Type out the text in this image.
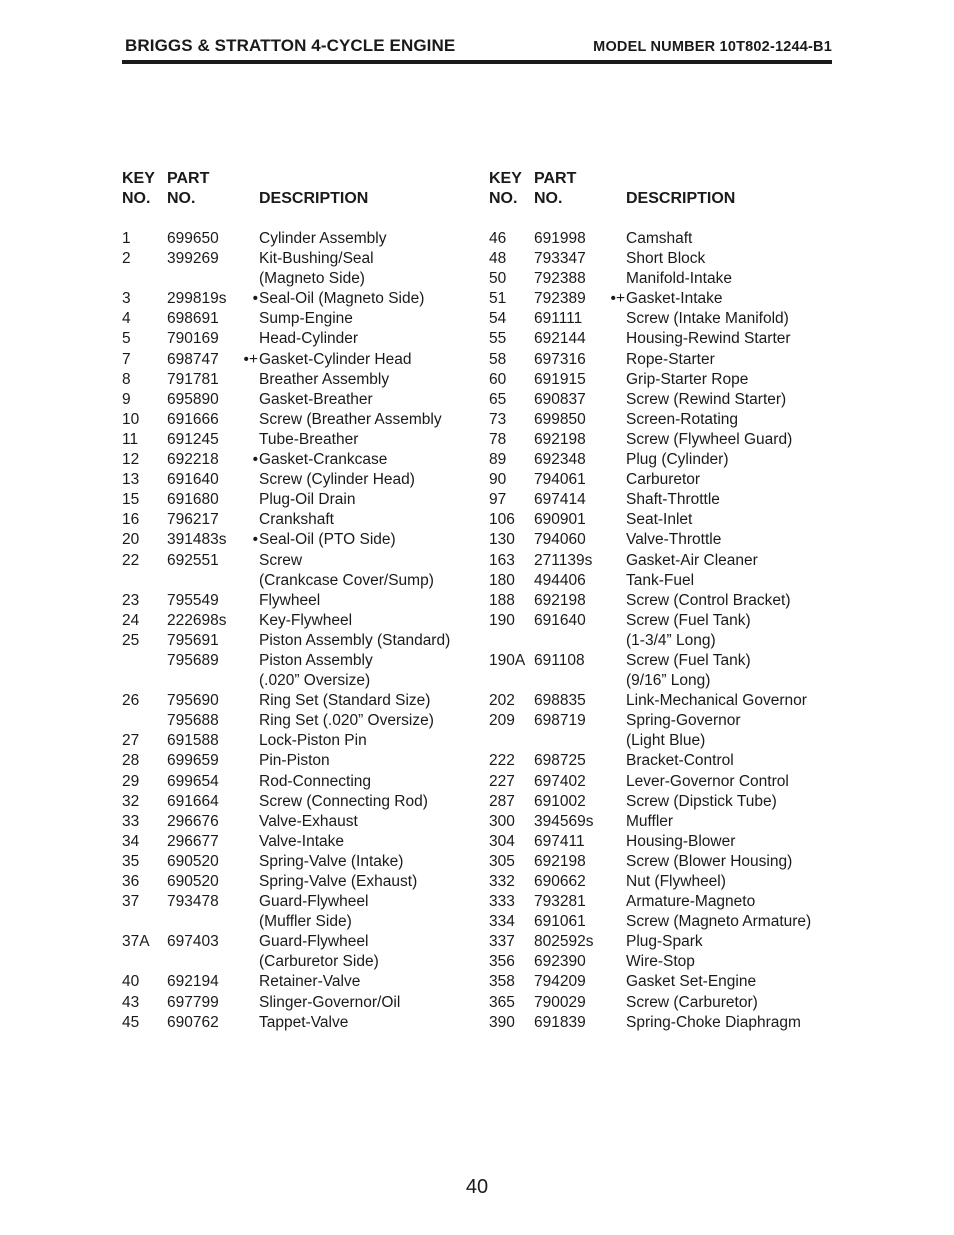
BRIGGS & STRATTON 4-CYCLE ENGINE	MODEL NUMBER 10T802-1244-B1
KEY PART
NO. NO.	DESCRIPTION
1 699650	Cylinder Assembly
2 399269	Kit-Bushing/Seal
(Magneto Side)
3 299819s	• Seal-Oil (Magneto Side)
4 698691	Sump-Engine
5 790169	Head-Cylinder
7 698747	•+ Gasket-Cylinder Head
8 791781	Breather Assembly
9 695890	Gasket-Breather
10 691666	Screw (Breather Assembly
11 691245	Tube-Breather
12 692218	• Gasket-Crankcase
13 691640	Screw (Cylinder Head)
15 691680	Plug-Oil Drain
16 796217	Crankshaft
20 391483s	• Seal-Oil (PTO Side)
22 692551	Screw
(Crankcase Cover/Sump)
23 795549	Flywheel
24 222698s Key-Flywheel
25 795691	Piston Assembly (Standard)
795689	Piston Assembly
(.020” Oversize)
26 795690	Ring Set (Standard Size)
795688	Ring Set (.020” Oversize)
27 691588	Lock-Piston Pin
28 699659	Pin-Piston
29 699654	Rod-Connecting
32 691664	Screw (Connecting Rod)
33 296676	Valve-Exhaust
34 296677	Valve-Intake
35 690520	Spring-Valve (Intake)
36 690520	Spring-Valve (Exhaust)
37 793478	Guard-Flywheel
(Muffler Side)
37A 697403	Guard-Flywheel
(Carburetor Side)
40 692194	Retainer-Valve
43 697799	Slinger-Governor/Oil
45 690762	Tappet-Valve
KEY PART
NO. NO.	DESCRIPTION
46 691998	Camshaft
48 793347	Short Block
50 792388	Manifold-Intake
51 792389	•+ Gasket-Intake
54 691111	Screw (Intake Manifold)
55 692144	Housing-Rewind Starter
58 697316	Rope-Starter
60 691915	Grip-Starter Rope
65 690837	Screw (Rewind Starter)
73 699850	Screen-Rotating
78 692198	Screw (Flywheel Guard)
89 692348	Plug (Cylinder)
90 794061	Carburetor
97 697414	Shaft-Throttle
106 690901	Seat-Inlet
130 794060	Valve-Throttle
163 271139s Gasket-Air Cleaner
180 494406	Tank-Fuel
188 692198	Screw (Control Bracket)
190 691640	Screw (Fuel Tank)
(1-3/4” Long)
190A 691108	Screw (Fuel Tank)
(9/16” Long)
202 698835	Link-Mechanical Governor
209 698719	Spring-Governor
(Light Blue)
222 698725	Bracket-Control
227 697402	Lever-Governor Control
287 691002	Screw (Dipstick Tube)
300 394569s Muffler
304 697411	Housing-Blower
305 692198	Screw (Blower Housing)
332 690662	Nut (Flywheel)
333 793281	Armature-Magneto
334 691061	Screw (Magneto Armature)
337 802592s Plug-Spark
356 692390	Wire-Stop
358 794209	Gasket Set-Engine
365 790029	Screw (Carburetor)
390 691839	Spring-Choke Diaphragm
40
